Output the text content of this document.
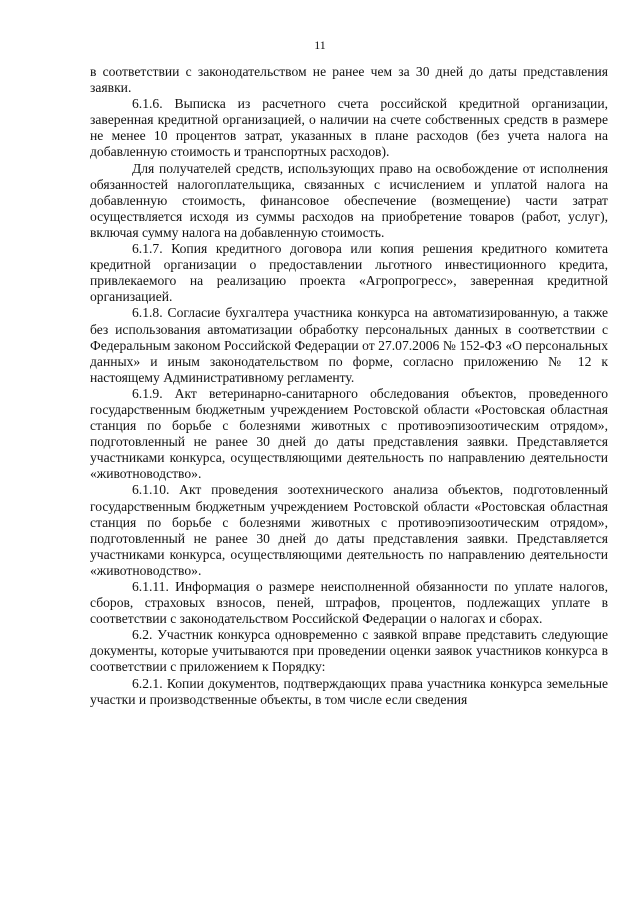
11

в соответствии с законодательством не ранее чем за 30 дней до даты представления заявки.

6.1.6. Выписка из расчетного счета российской кредитной организации, заверенная кредитной организацией, о наличии на счете собственных средств в размере не менее 10 процентов затрат, указанных в плане расходов (без учета налога на добавленную стоимость и транспортных расходов).

Для получателей средств, использующих право на освобождение от исполнения обязанностей налогоплательщика, связанных с исчислением и уплатой налога на добавленную стоимость, финансовое обеспечение (возмещение) части затрат осуществляется исходя из суммы расходов на приобретение товаров (работ, услуг), включая сумму налога на добавленную стоимость.

6.1.7. Копия кредитного договора или копия решения кредитного комитета кредитной организации о предоставлении льготного инвестиционного кредита, привлекаемого на реализацию проекта «Агропрогресс», заверенная кредитной организацией.

6.1.8. Согласие бухгалтера участника конкурса на автоматизированную, а также без использования автоматизации обработку персональных данных в соответствии с Федеральным законом Российской Федерации от 27.07.2006 № 152-ФЗ «О персональных данных» и иным законодательством по форме, согласно приложению № 12 к настоящему Административному регламенту.

6.1.9. Акт ветеринарно-санитарного обследования объектов, проведенного государственным бюджетным учреждением Ростовской области «Ростовская областная станция по борьбе с болезнями животных с противоэпизоотическим отрядом», подготовленный не ранее 30 дней до даты представления заявки. Представляется участниками конкурса, осуществляющими деятельность по направлению деятельности «животноводство».

6.1.10. Акт проведения зоотехнического анализа объектов, подготовленный государственным бюджетным учреждением Ростовской области «Ростовская областная станция по борьбе с болезнями животных с противоэпизоотическим отрядом», подготовленный не ранее 30 дней до даты представления заявки. Представляется участниками конкурса, осуществляющими деятельность по направлению деятельности «животноводство».

6.1.11. Информация о размере неисполненной обязанности по уплате налогов, сборов, страховых взносов, пеней, штрафов, процентов, подлежащих уплате в соответствии с законодательством Российской Федерации о налогах и сборах.

6.2. Участник конкурса одновременно с заявкой вправе представить следующие документы, которые учитываются при проведении оценки заявок участников конкурса в соответствии с приложением к Порядку:

6.2.1. Копии документов, подтверждающих права участника конкурса земельные участки и производственные объекты, в том числе если сведения
